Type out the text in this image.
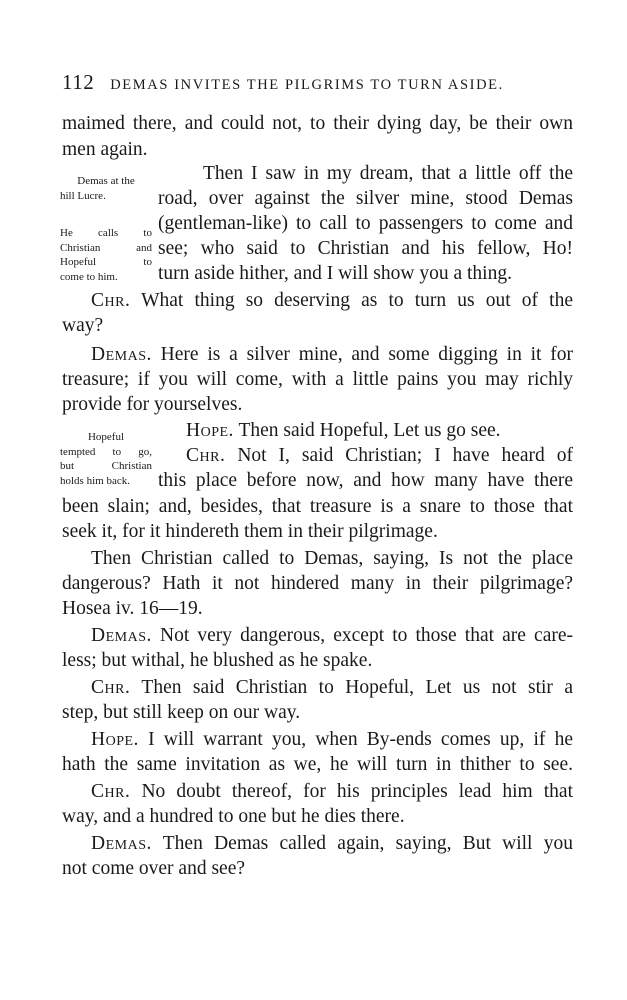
112 DEMAS INVITES THE PILGRIMS TO TURN ASIDE.
Demas at the
hill Lucre.
He calls to
Christian and
Hopeful to
come to him.
Hopeful
tempted to go,
but Christian
holds him back.
maimed there, and could not, to their dying day, be their own
men again.
Then I saw in my dream, that a little off the
road, over against the silver mine, stood Demas
(gentleman-like) to call to passengers to come and
see; who said to Christian and his fellow, Ho!
turn aside hither, and I will show you a thing.
Chr. What thing so deserving as to turn us out of the
way?
Demas. Here is a silver mine, and some digging in it for
treasure; if you will come, with a little pains you may richly
provide for yourselves.
Hope. Then said Hopeful, Let us go see.
Chr. Not I, said Christian; I have heard of
this place before now, and how many have there
been slain; and, besides, that treasure is a snare to those that
seek it, for it hindereth them in their pilgrimage.
Then Christian called to Demas, saying, Is not the place
dangerous? Hath it not hindered many in their pilgrimage?
Hosea iv. 16—19.
Demas. Not very dangerous, except to those that are care-
less; but withal, he blushed as he spake.
Chr. Then said Christian to Hopeful, Let us not stir a
step, but still keep on our way.
Hope. I will warrant you, when By-ends comes up, if he
hath the same invitation as we, he will turn in thither to see.
Chr. No doubt thereof, for his principles lead him that
way, and a hundred to one but he dies there.
Demas. Then Demas called again, saying, But will you
not come over and see?
